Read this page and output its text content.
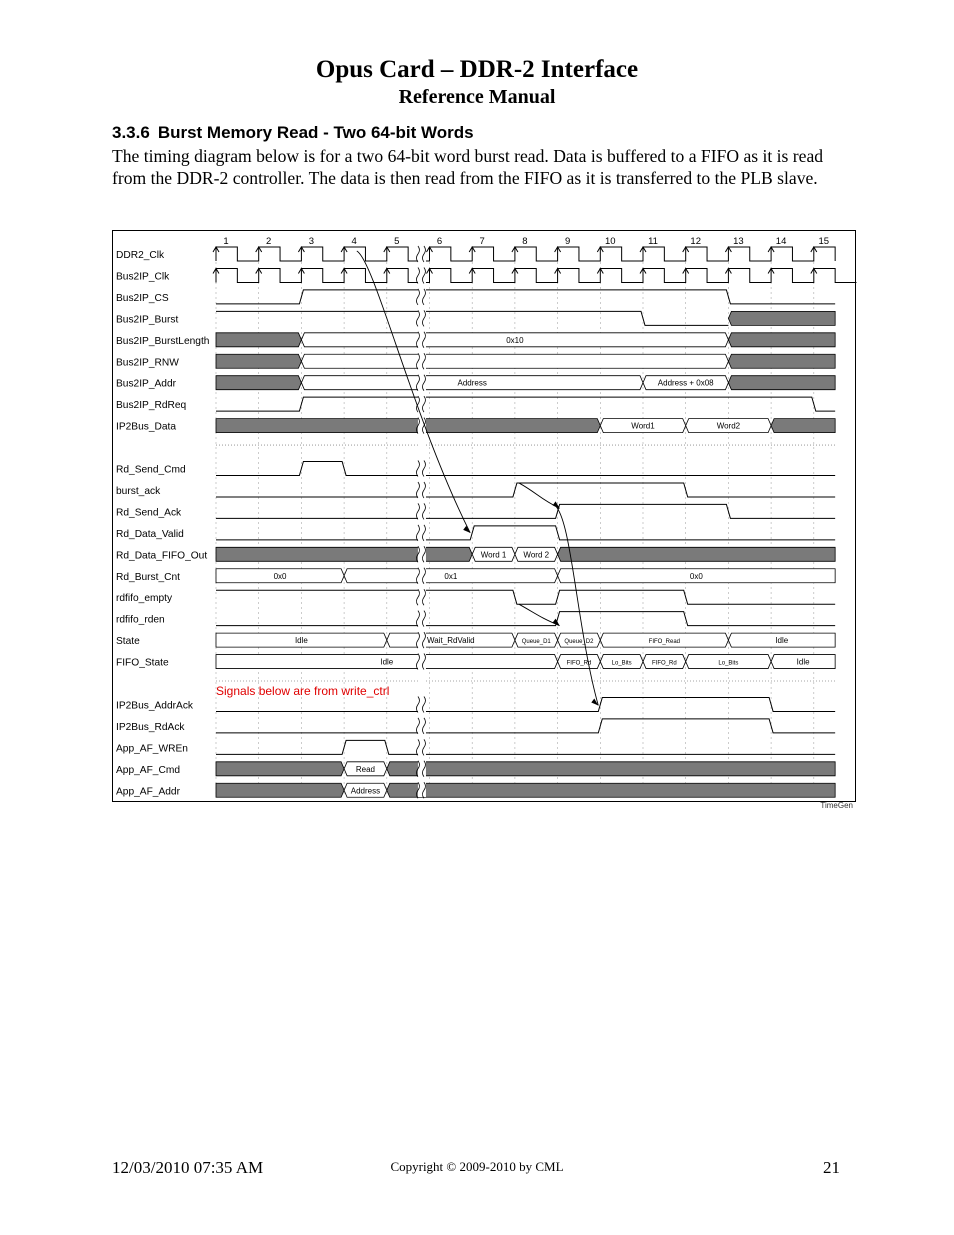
Opus Card – DDR-2 Interface
Reference Manual
3.3.6 Burst Memory Read - Two 64-bit Words

The timing diagram below is for a two 64-bit word burst read. Data is buffered to a FIFO as it is read from the DDR-2 controller. The data is then read from the FIFO as it is transferred to the PLB slave.

1	2	3	4	5	6	7	8	9	10	11	12	13	14	15
DDR2_Clk
Bus2IP_Clk
Bus2IP_CS
Bus2IP_Burst
Bus2IP_BurstLength	0x10
Bus2IP_RNW
Bus2IP_Addr	Address	Address + 0x08
Bus2IP_RdReq
IP2Bus_Data	Word1	Word2
Rd_Send_Cmd
burst_ack
Rd_Send_Ack
Rd_Data_Valid
Rd_Data_FIFO_Out	Word 1 Word 2
Rd_Burst_Cnt	0x0	0x1	0x0
rdfifo_empty
rdfifo_rden
State	Idle	Wait_RdValid	Queue_D1 Queue_D2	FIFO_Read	Idle
FIFO_State	Idle	FIFO_Rd	Lo_Bits	FIFO_Rd	Lo_Bits	Idle
Signals below are from write_ctrl
IP2Bus_AddrAck
IP2Bus_RdAck
App_AF_WREn
App_AF_Cmd	Read
App_AF_Addr	Address
TimeGen
12/03/2010 07:35 AM	Copyright © 2009-2010 by CML	21
